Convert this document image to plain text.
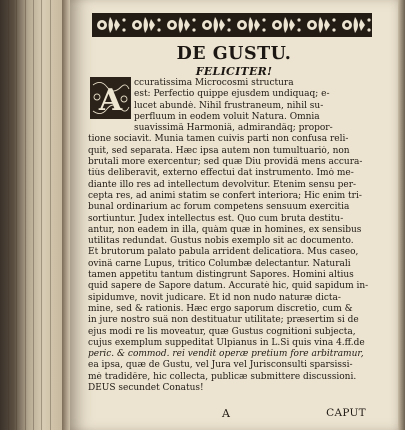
DE GUSTU.
FELICITER!
A	ccuratissima Microcosmi structura
est: Perfectio quippe ejusdem undiquaq; e-
lucet abundè. Nihil frustraneum, nihil su-
perfluum in eodem voluit Natura. Omnia
suavissimâ Harmoniâ, admirandâq; propor-
tione sociavit. Munia tamen cuivis parti non confusa reli-
quit, sed separata. Hæc ipsa autem non tumultuariò, non
brutali more exercentur; sed quæ Diu providâ mens accura-
tiùs deliberavit, externo effectui dat instrumento. Imò me-
diante illo res ad intellectum devolvitur. Etenim sensu per-
cepta res, ad animi statim se confert interiora; Hic enim tri-
bunal ordinarium ac forum competens sensuum exercitia
sortiuntur. Judex intellectus est. Quo cum bruta destitu-
antur, non eadem in illa, quàm quæ in homines, ex sensibus
utilitas redundat. Gustus nobis exemplo sit ac documento.
Et brutorum palato pabula arrident delicatiora. Mus caseo,
ovinâ carne Lupus, tritico Columbæ delectantur. Naturali
tamen appetitu tantum distingrunt Sapores. Homini altius
quid sapere de Sapore datum. Accuratè hic, quid sapidum in-
sipidumve, novit judicare. Et id non nudo naturæ dicta-
mine, sed & rationis. Hæc ergo saporum discretio, cum &
in jure nostro suâ non destituatur utilitate; præsertim si de
ejus modi re lis moveatur, quæ Gustus cognitioni subjecta,
cujus exemplum suppeditat Ulpianus in L.Si quis vina 4.ff.de
peric. & commod. rei vendit operæ pretium fore arbitramur,
ea ipsa, quæ de Gustu, vel Jura vel Jurisconsulti sparsissi-
mè tradidêre, hic collecta, publicæ submittere discussioni.
DEUS secundet Conatus!
A	CAPUT
